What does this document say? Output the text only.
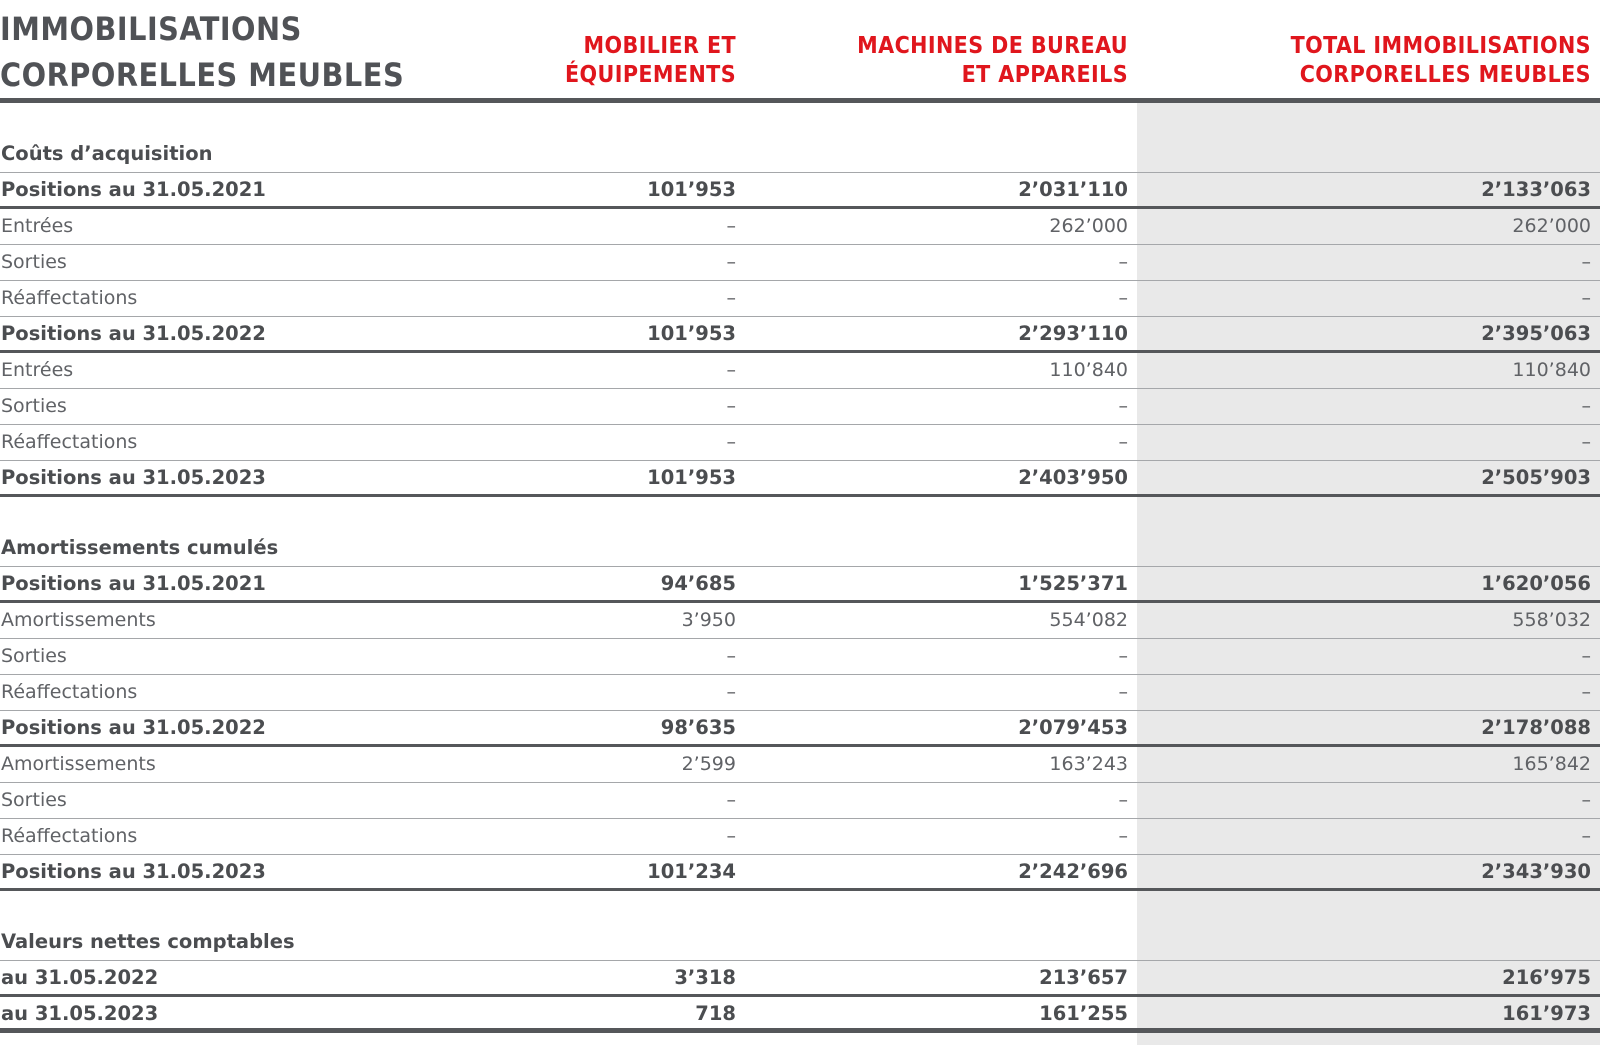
IMMOBILISATIONS
CORPORELLES MEUBLES
MOBILIER ET
ÉQUIPEMENTS
MACHINES DE BUREAU
ET APPAREILS
TOTAL IMMOBILISATIONS
CORPORELLES MEUBLES
Coûts d’acquisition
Positions au 31.05.2021	101’953	2’031’110	2’133’063
Entrées	–	262’000	262’000
Sorties	–	–	–
Réaffectations	–	–	–
Positions au 31.05.2022	101’953	2’293’110	2’395’063
Entrées	–	110’840	110’840
Sorties	–	–	–
Réaffectations	–	–	–
Positions au 31.05.2023	101’953	2’403’950	2’505’903
Amortissements cumulés
Positions au 31.05.2021	94’685	1’525’371	1’620’056
Amortissements	3’950	554’082	558’032
Sorties	–	–	–
Réaffectations	–	–	–
Positions au 31.05.2022	98’635	2’079’453	2’178’088
Amortissements	2’599	163’243	165’842
Sorties	–	–	–
Réaffectations	–	–	–
Positions au 31.05.2023	101’234	2’242’696	2’343’930
Valeurs nettes comptables
au 31.05.2022	3’318	213’657	216’975
au 31.05.2023	718	161’255	161’973
